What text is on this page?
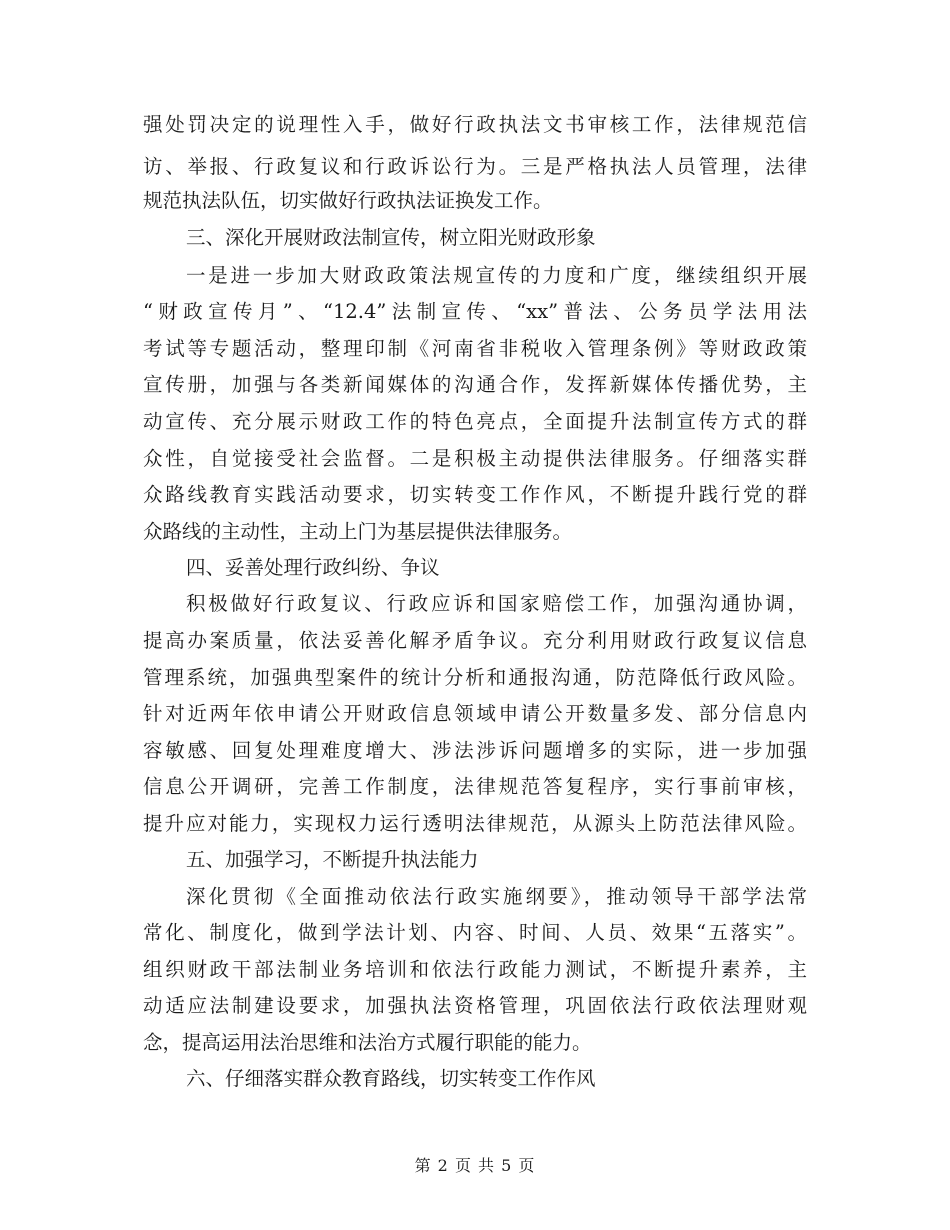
强处罚决定的说理性入手，做好行政执法文书审核工作，法律规范信
访、举报、行政复议和行政诉讼行为。三是严格执法人员管理，法律
规范执法队伍，切实做好行政执法证换发工作。
三、深化开展财政法制宣传，树立阳光财政形象
一是进一步加大财政政策法规宣传的力度和广度，继续组织开展
“财政宣传月”、“12.4”法制宣传、“xx”普法、公务员学法用法
考试等专题活动，整理印制《河南省非税收入管理条例》等财政政策
宣传册，加强与各类新闻媒体的沟通合作，发挥新媒体传播优势，主
动宣传、充分展示财政工作的特色亮点，全面提升法制宣传方式的群
众性，自觉接受社会监督。二是积极主动提供法律服务。仔细落实群
众路线教育实践活动要求，切实转变工作作风，不断提升践行党的群
众路线的主动性，主动上门为基层提供法律服务。
四、妥善处理行政纠纷、争议
积极做好行政复议、行政应诉和国家赔偿工作，加强沟通协调，
提高办案质量，依法妥善化解矛盾争议。充分利用财政行政复议信息
管理系统，加强典型案件的统计分析和通报沟通，防范降低行政风险。
针对近两年依申请公开财政信息领域申请公开数量多发、部分信息内
容敏感、回复处理难度增大、涉法涉诉问题增多的实际，进一步加强
信息公开调研，完善工作制度，法律规范答复程序，实行事前审核，
提升应对能力，实现权力运行透明法律规范，从源头上防范法律风险。
五、加强学习，不断提升执法能力
深化贯彻《全面推动依法行政实施纲要》，推动领导干部学法常
常化、制度化，做到学法计划、内容、时间、人员、效果“五落实”。
组织财政干部法制业务培训和依法行政能力测试，不断提升素养，主
动适应法制建设要求，加强执法资格管理，巩固依法行政依法理财观
念，提高运用法治思维和法治方式履行职能的能力。
六、仔细落实群众教育路线，切实转变工作作风
第 2 页 共 5 页
